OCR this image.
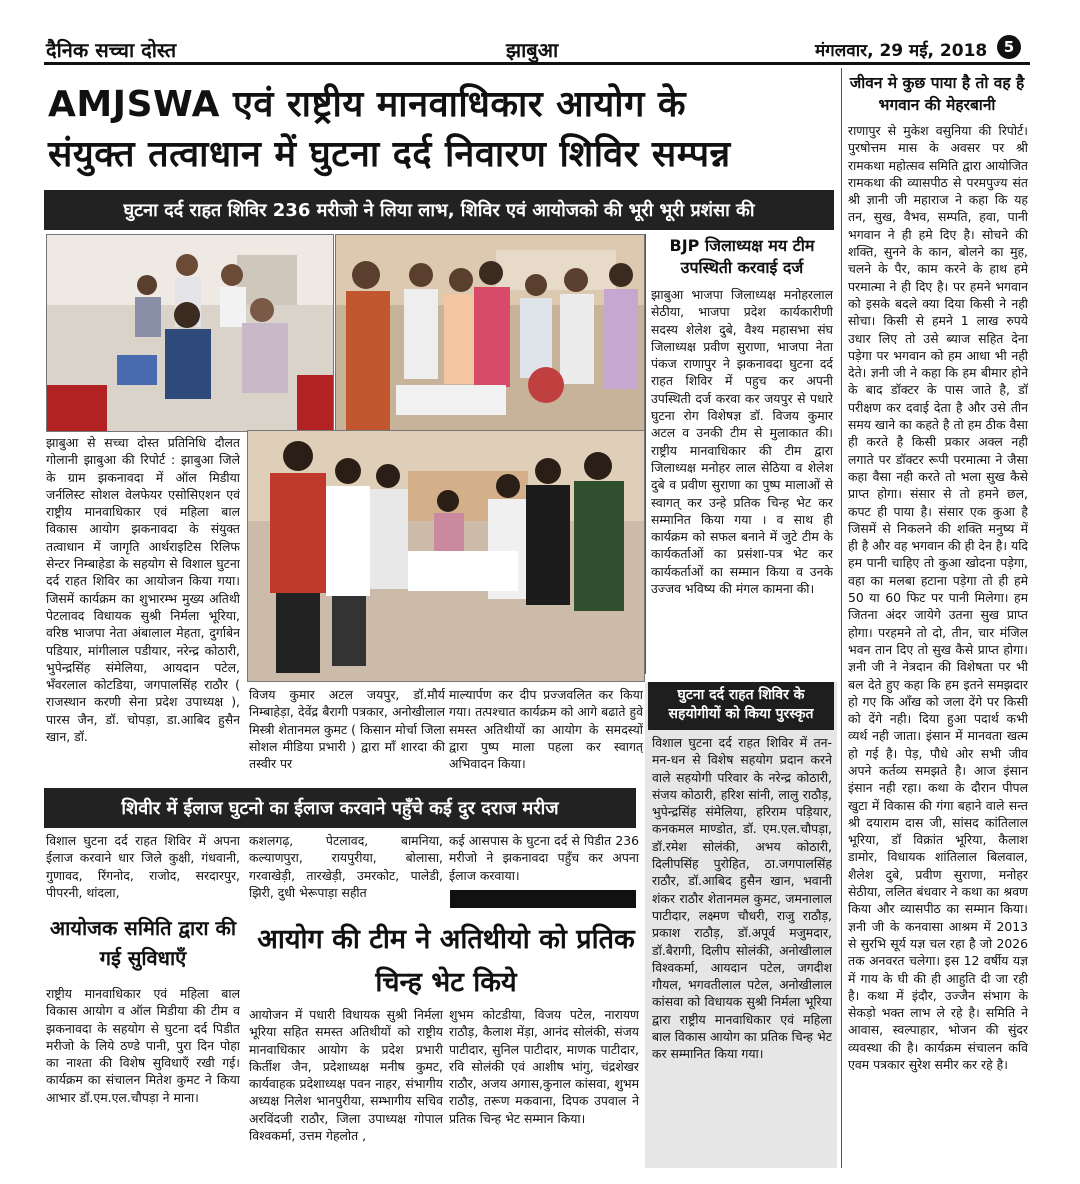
दैनिक सच्चा दोस्त	झाबुआ	मंगलवार, 29 मई, 2018	5
AMJSWA एवं राष्ट्रीय मानवाधिकार आयोग के
संयुक्त तत्वाधान में घुटना दर्द निवारण शिविर सम्पन्न
घुटना दर्द राहत शिविर 236 मरीजो ने लिया लाभ, शिविर एवं आयोजको की भूरी भूरी प्रशंसा की
झाबुआ से सच्चा दोस्त प्रतिनिधि दौलत गोलानी झाबुआ की रिपोर्ट : झाबुआ जिले के ग्राम झकनावदा में ऑल मिडीया जर्नलिस्ट सोशल वेलफेयर एसोसिएशन एवं राष्ट्रीय मानवाधिकार एवं महिला बाल विकास आयोग झकनावदा के संयुक्त तत्वाधान में जागृति आर्थराइटिस रिलिफ सेन्टर निम्बाहेडा के सहयोग से विशाल घुटना दर्द राहत शिविर का आयोजन किया गया। जिसमें कार्यक्रम का शुभारम्भ मुख्य अतिथी पेटलावद विधायक सुश्री निर्मला भूरिया, वरिष्ठ भाजपा नेता अंबालाल मेहता, दुर्गाबेन पडियार, मांगीलाल पडीयार, नरेन्द्र कोठारी, भुपेन्द्रसिंह संमेलिया, आयदान पटेल, भँवरलाल कोटडिया, जगपालसिंह राठौर ( राजस्थान करणी सेना प्रदेश उपाध्यक्ष ), पारस जैन, डॉ. चोपड़ा, डा.आबिद हुसैन खान, डॉ.
विजय कुमार अटल जयपुर, डॉ.मौर्य निम्बाहेड़ा, देवेंद्र बैरागी पत्रकार, अनोखीलाल मिस्त्री शेतानमल कुमट ( किसान मोर्चा जिला सोशल मीडिया प्रभारी ) द्वारा माँ शारदा की तस्वीर पर
माल्यार्पण कर दीप प्रज्जवलित कर किया गया। तत्पश्चात कार्यक्रम को आगे बढाते हुवे समस्त अतिथीयों का आयोग के समदस्यों द्वारा पुष्प माला पहला कर स्वागत् अभिवादन किया।
BJP जिलाध्यक्ष मय टीम उपस्थिती करवाई दर्ज
झाबुआ भाजपा जिलाध्यक्ष मनोहरलाल सेठीया, भाजपा प्रदेश कार्यकारीणी सदस्य शेलेश दुबे, वैश्य महासभा संघ जिलाध्यक्ष प्रवीण सुराणा, भाजपा नेता पंकज राणापुर ने झकनावदा घुटना दर्द राहत शिविर में पहुच कर अपनी उपस्थिती दर्ज करवा कर जयपुर से पधारे घुटना रोग विशेषज्ञ डॉ. विजय कुमार अटल व उनकी टीम से मुलाकात की। राष्ट्रीय मानवाधिकार की टीम द्वारा जिलाध्यक्ष मनोहर लाल सेठिया व शेलेश दुबे व प्रवीण सुराणा का पुष्प मालाओं से स्वागत् कर उन्हे प्रतिक चिन्ह भेट कर सम्मानित किया गया । व साथ ही कार्यक्रम को सफल बनाने में जुटे टीम के कार्यकर्ताओं का प्रसंशा-पत्र भेट कर कार्यकर्ताओं का सम्मान किया व उनके उज्जव भविष्य की मंगल कामना की।
घुटना दर्द राहत शिविर के सहयोगीयों को किया पुरस्कृत
विशाल घुटना दर्द राहत शिविर में तन-मन-धन से विशेष सहयोग प्रदान करने वाले सहयोगी परिवार के नरेन्द्र कोठारी, संजय कोठारी, हरिश सांनी, लालु राठौड़, भुपेन्द्रसिंह संमेलिया, हरिराम पड़ियार, कनकमल माण्डोत, डॉ. एम.एल.चौपड़ा, डॉ.रमेश सोलंकी, अभय कोठारी, दिलीपसिंह पुरोहित, ठा.जगपालसिंह राठौर, डॉ.आबिद हुसैन खान, भवानी शंकर राठौर शेतानमल कुमट, जमनालाल पाटीदार, लक्ष्मण चौधरी, राजु राठौड़, प्रकाश राठौड़, डॉ.अपूर्व मजुमदार, डॉ.बैरागी, दिलीप सोलंकी, अनोखीलाल विश्वकर्मा, आयदान पटेल, जगदीश गौयल, भगवतीलाल पटेल, अनोखीलाल कांसवा को विधायक सुश्री निर्मला भूरिया द्वारा राष्ट्रीय मानवाधिकार एवं महिला बाल विकास आयोग का प्रतिक चिन्ह भेट कर सम्मानित किया गया।
शिवीर में ईलाज घुटनो का ईलाज करवाने पहुँचे कई दुर दराज मरीज
विशाल घुटना दर्द राहत शिविर में अपना ईलाज करवाने धार जिले कुक्षी, गंधवानी, गुणावद, रिंगनोद, राजोद, सरदारपुर, पीपरनी, थांदला,
कशलगढ़, पेटलावद, बामनिया, कल्याणपुरा, रायपुरीया, बोलासा, गरवाखेड़ी, तारखेड़ी, उमरकोट, पालेडी, झिरी, दुधी भेरूपाड़ा सहीत
कई आसपास के घुटना दर्द से पिडीत 236 मरीजो ने झकनावदा पहुँच कर अपना ईलाज करवाया।
आयोजक समिति द्वारा की गई सुविधाएँ
राष्ट्रीय मानवाधिकार एवं महिला बाल विकास आयोग व ऑल मिडीया की टीम व झकनावदा के सहयोग से घुटना दर्द पिडीत मरीजो के लिये ठण्डे पानी, पुरा दिन पोहा का नाश्ता की विशेष सुविधाएँ रखी गई। कार्यक्रम का संचालन मितेश कुमट ने किया आभार डॉ.एम.एल.चौपड़ा ने माना।
आयोग की टीम ने अतिथीयो को प्रतिक चिन्ह भेट किये
आयोजन में पधारी विधायक सुश्री निर्मला भूरिया सहित समस्त अतिथीयों को राष्ट्रीय मानवाधिकार आयोग के प्रदेश प्रभारी किर्तीश जैन, प्रदेशाध्यक्ष मनीष कुमट, कार्यवाहक प्रदेशाध्यक्ष पवन नाहर, संभागीय अध्यक्ष निलेश भानपुरीया, सम्भागीय सचिव अरविंदजी राठौर, जिला उपाध्यक्ष गोपाल विश्वकर्मा, उत्तम गेहलोत ,
शुभम कोटडीया, विजय पटेल, नारायण राठौड़, कैलाश मेंड़ा, आनंद सोलंकी, संजय पाटीदार, सुनिल पाटीदार, माणक पाटीदार, रवि सोलंकी एवं आशीष भांगु, चंद्रशेखर राठौर, अजय अगास,कुनाल कांसवा, शुभम राठौड़, तरूण मकवाना, दिपक उपवाल ने प्रतिक चिन्ह भेट सम्मान किया।
जीवन मे कुछ पाया है तो वह है भगवान की मेहरबानी
राणापुर से मुकेश वसुनिया की रिपोर्ट। पुरषोत्तम मास के अवसर पर श्री रामकथा महोत्सव समिति द्वारा आयोजित रामकथा की व्यासपीठ से परमपुज्य संत श्री ज्ञानी जी महाराज ने कहा कि यह तन, सुख, वैभव, सम्पति, हवा, पानी भगवान ने ही हमे दिए है। सोचने की शक्ति, सुनने के कान, बोलने का मुह, चलने के पैर, काम करने के हाथ हमे परमात्मा ने ही दिए है। पर हमने भगवान को इसके बदले क्या दिया किसी ने नही सोचा। किसी से हमने 1 लाख रुपये उधार लिए तो उसे ब्याज सहित देना पड़ेगा पर भगवान को हम आधा भी नही देते। ज्ञनी जी ने कहा कि हम बीमार होने के बाद डॉक्टर के पास जाते है, डॉ परीक्षण कर दवाई देता है और उसे तीन समय खाने का कहते है तो हम ठीक वैसा ही करते है किसी प्रकार अक्ल नही लगाते पर डॉक्टर रूपी परमात्मा ने जैसा कहा वैसा नही करते तो भला सुख कैसे प्राप्त होगा। संसार से तो हमने छल, कपट ही पाया है। संसार एक कुआ है जिसमें से निकलने की शक्ति मनुष्य में ही है और वह भगवान की ही देन है। यदि हम पानी चाहिए तो कुआ खोदना पड़ेगा, वहा का मलबा हटाना पड़ेगा तो ही हमे 50 या 60 फिट पर पानी मिलेगा। हम जितना अंदर जायेगे उतना सुख प्राप्त होगा। परहमने तो दो, तीन, चार मंजिल भवन तान दिए तो सुख कैसे प्राप्त होगा। ज्ञनी जी ने नेत्रदान की विशेषता पर भी बल देते हुए कहा कि हम इतने समझदार हो गए कि आँख को जला देंगे पर किसी को देंगे नही। दिया हुआ पदार्थ कभी व्यर्थ नही जाता। इंसान में मानवता खत्म हो गई है। पेड़, पौधे ओर सभी जीव अपने कर्तव्य समझते है। आज इंसान इंसान नही रहा। कथा के दौरान पीपल खुटा में विकास की गंगा बहाने वाले सन्त श्री दयाराम दास जी, सांसद कांतिलाल भूरिया, डॉ विक्रांत भूरिया, कैलाश डामोर, विधायक शांतिलाल बिलवाल, शैलेश दुबे, प्रवीण सुराणा, मनोहर सेठीया, ललित बंधवार ने कथा का श्रवण किया और व्यासपीठ का सम्मान किया। ज्ञनी जी के कनवासा आश्रम में 2013 से सुरभि सूर्य यज्ञ चल रहा है जो 2026 तक अनवरत चलेगा। इस 12 वर्षीय यज्ञ में गाय के घी की ही आहुति दी जा रही है। कथा में इंदौर, उज्जैन संभाग के सेकड़ो भक्त लाभ ले रहे है। समिति ने आवास, स्वल्पाहार, भोजन की सुंदर व्यवस्था की है। कार्यक्रम संचालन कवि एवम पत्रकार सुरेश समीर कर रहे है।
